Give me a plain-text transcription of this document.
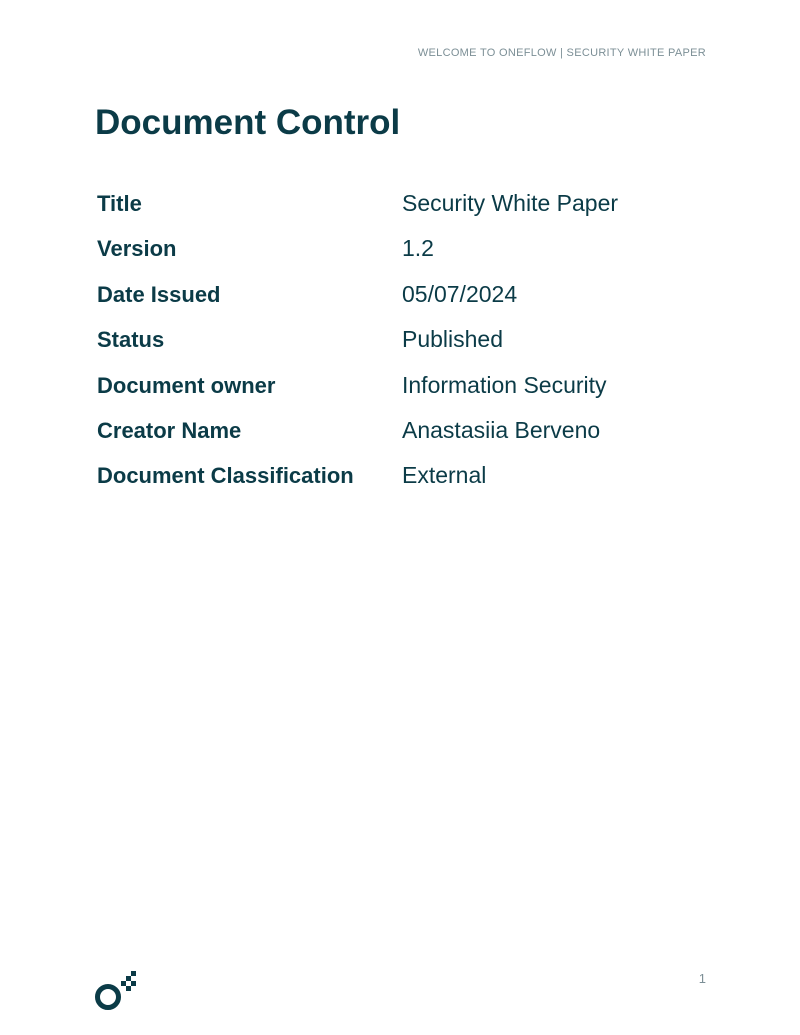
WELCOME TO ONEFLOW | SECURITY WHITE PAPER
Document Control
Title	Security White Paper
Version	1.2
Date Issued	05/07/2024
Status	Published
Document owner	Information Security
Creator Name	Anastasiia Berveno
Document Classification	External
1
